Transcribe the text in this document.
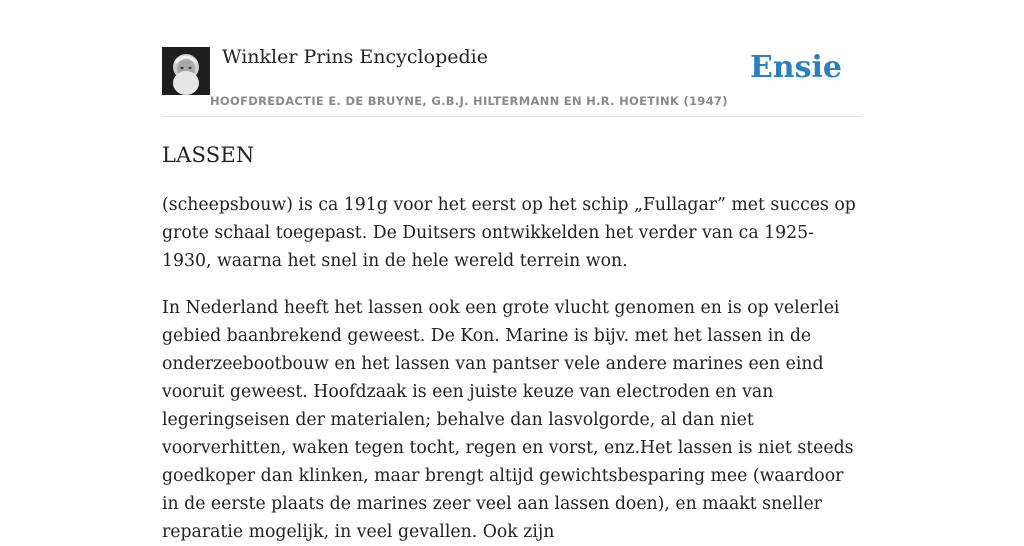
Winkler Prins Encyclopedie
HOOFDREDACTIE E. DE BRUYNE, G.B.J. HILTERMANN EN H.R. HOETINK (1947)
Ensie
LASSEN

(scheepsbouw) is ca 191g voor het eerst op het schip „Fullagar” met succes op grote schaal toegepast. De Duitsers ontwikkelden het verder van ca 1925-1930, waarna het snel in de hele wereld terrein won.

In Nederland heeft het lassen ook een grote vlucht genomen en is op velerlei gebied baanbrekend geweest. De Kon. Marine is bijv. met het lassen in de onderzeebootbouw en het lassen van pantser vele andere marines een eind vooruit geweest. Hoofdzaak is een juiste keuze van electroden en van legeringseisen der materialen; behalve dan lasvolgorde, al dan niet voorverhitten, waken tegen tocht, regen en vorst, enz.Het lassen is niet steeds goedkoper dan klinken, maar brengt altijd gewichtsbesparing mee (waardoor in de eerste plaats de marines zeer veel aan lassen doen), en maakt sneller reparatie mogelijk, in veel gevallen. Ook zijn
